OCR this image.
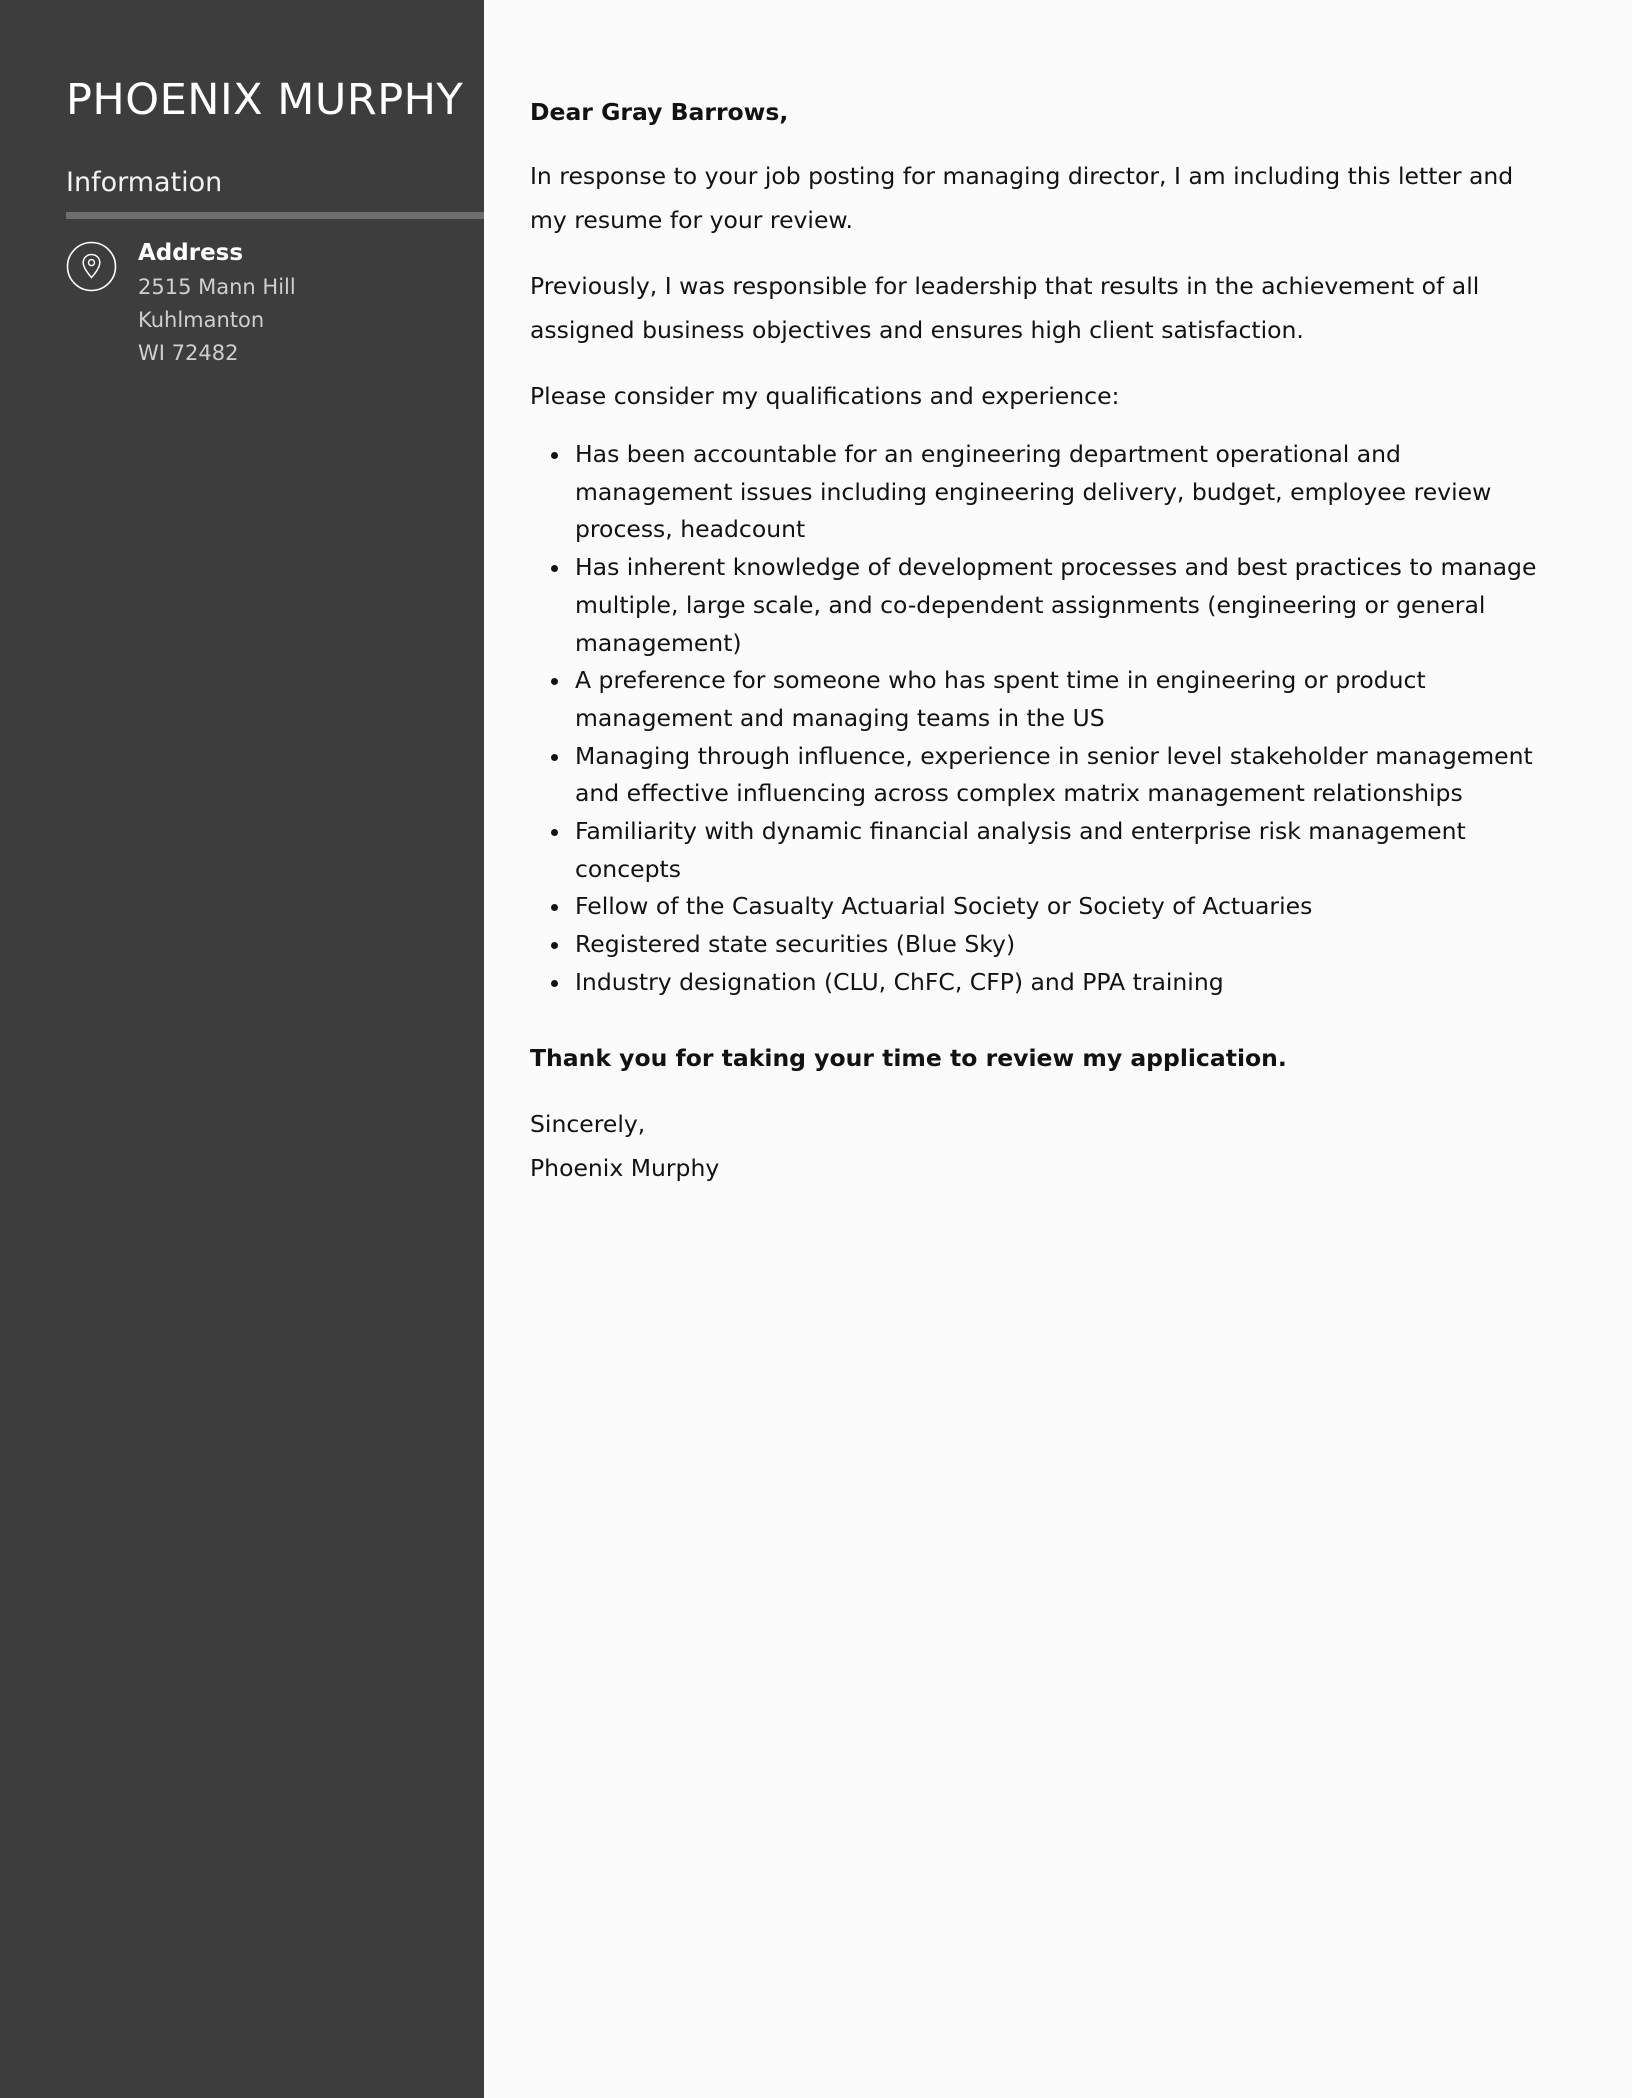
PHOENIX MURPHY
Information
Address
2515 Mann Hill
Kuhlmanton
WI 72482

Dear Gray Barrows,

In response to your job posting for managing director, I am including this letter and my resume for your review.

Previously, I was responsible for leadership that results in the achievement of all assigned business objectives and ensures high client satisfaction.

Please consider my qualifications and experience:

Has been accountable for an engineering department operational and management issues including engineering delivery, budget, employee review process, headcount
Has inherent knowledge of development processes and best practices to manage multiple, large scale, and co-dependent assignments (engineering or general management)
A preference for someone who has spent time in engineering or product management and managing teams in the US
Managing through influence, experience in senior level stakeholder management and effective influencing across complex matrix management relationships
Familiarity with dynamic financial analysis and enterprise risk management concepts
Fellow of the Casualty Actuarial Society or Society of Actuaries
Registered state securities (Blue Sky)
Industry designation (CLU, ChFC, CFP) and PPA training

Thank you for taking your time to review my application.

Sincerely,

Phoenix Murphy
